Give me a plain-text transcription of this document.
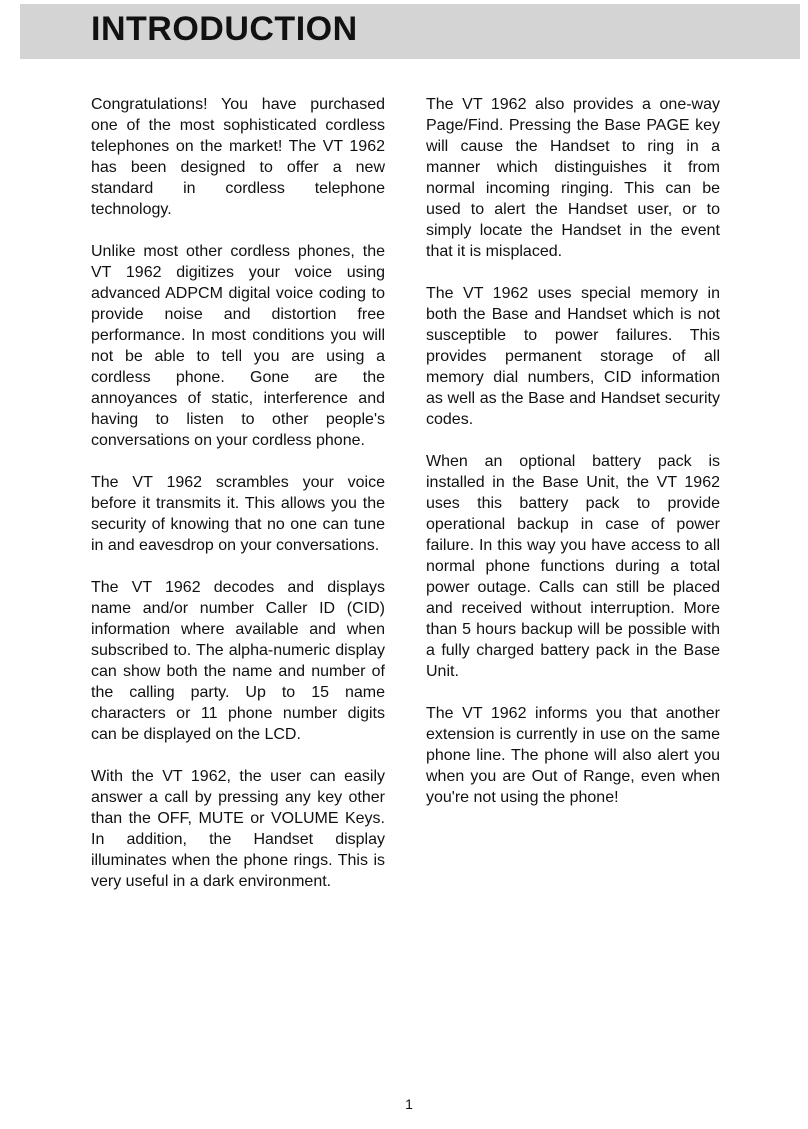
INTRODUCTION

Congratulations! You have purchased one of the most sophisticated cordless telephones on the market! The VT 1962 has been designed to offer a new standard in cordless telephone technology.

Unlike most other cordless phones, the VT 1962 digitizes your voice using advanced ADPCM digital voice coding to provide noise and distortion free performance. In most conditions you will not be able to tell you are using a cordless phone. Gone are the annoyances of static, interference and having to listen to other people's conversations on your cordless phone.

The VT 1962 scrambles your voice before it transmits it. This allows you the security of knowing that no one can tune in and eavesdrop on your conversations.

The VT 1962 decodes and displays name and/or number Caller ID (CID) information where available and when subscribed to. The alpha-numeric display can show both the name and number of the calling party. Up to 15 name characters or 11 phone number digits can be displayed on the LCD.

With the VT 1962, the user can easily answer a call by pressing any key other than the OFF, MUTE or VOLUME Keys. In addition, the Handset display illuminates when the phone rings. This is very useful in a dark environment.

The VT 1962 also provides a one-way Page/Find. Pressing the Base PAGE key will cause the Handset to ring in a manner which distinguishes it from normal incoming ringing. This can be used to alert the Handset user, or to simply locate the Handset in the event that it is misplaced.

The VT 1962 uses special memory in both the Base and Handset which is not susceptible to power failures. This provides permanent storage of all memory dial numbers, CID information as well as the Base and Handset security codes.

When an optional battery pack is installed in the Base Unit, the VT 1962 uses this battery pack to provide operational backup in case of power failure. In this way you have access to all normal phone functions during a total power outage. Calls can still be placed and received without interruption. More than 5 hours backup will be possible with a fully charged battery pack in the Base Unit.

The VT 1962 informs you that another extension is currently in use on the same phone line. The phone will also alert you when you are Out of Range, even when you're not using the phone!

1
